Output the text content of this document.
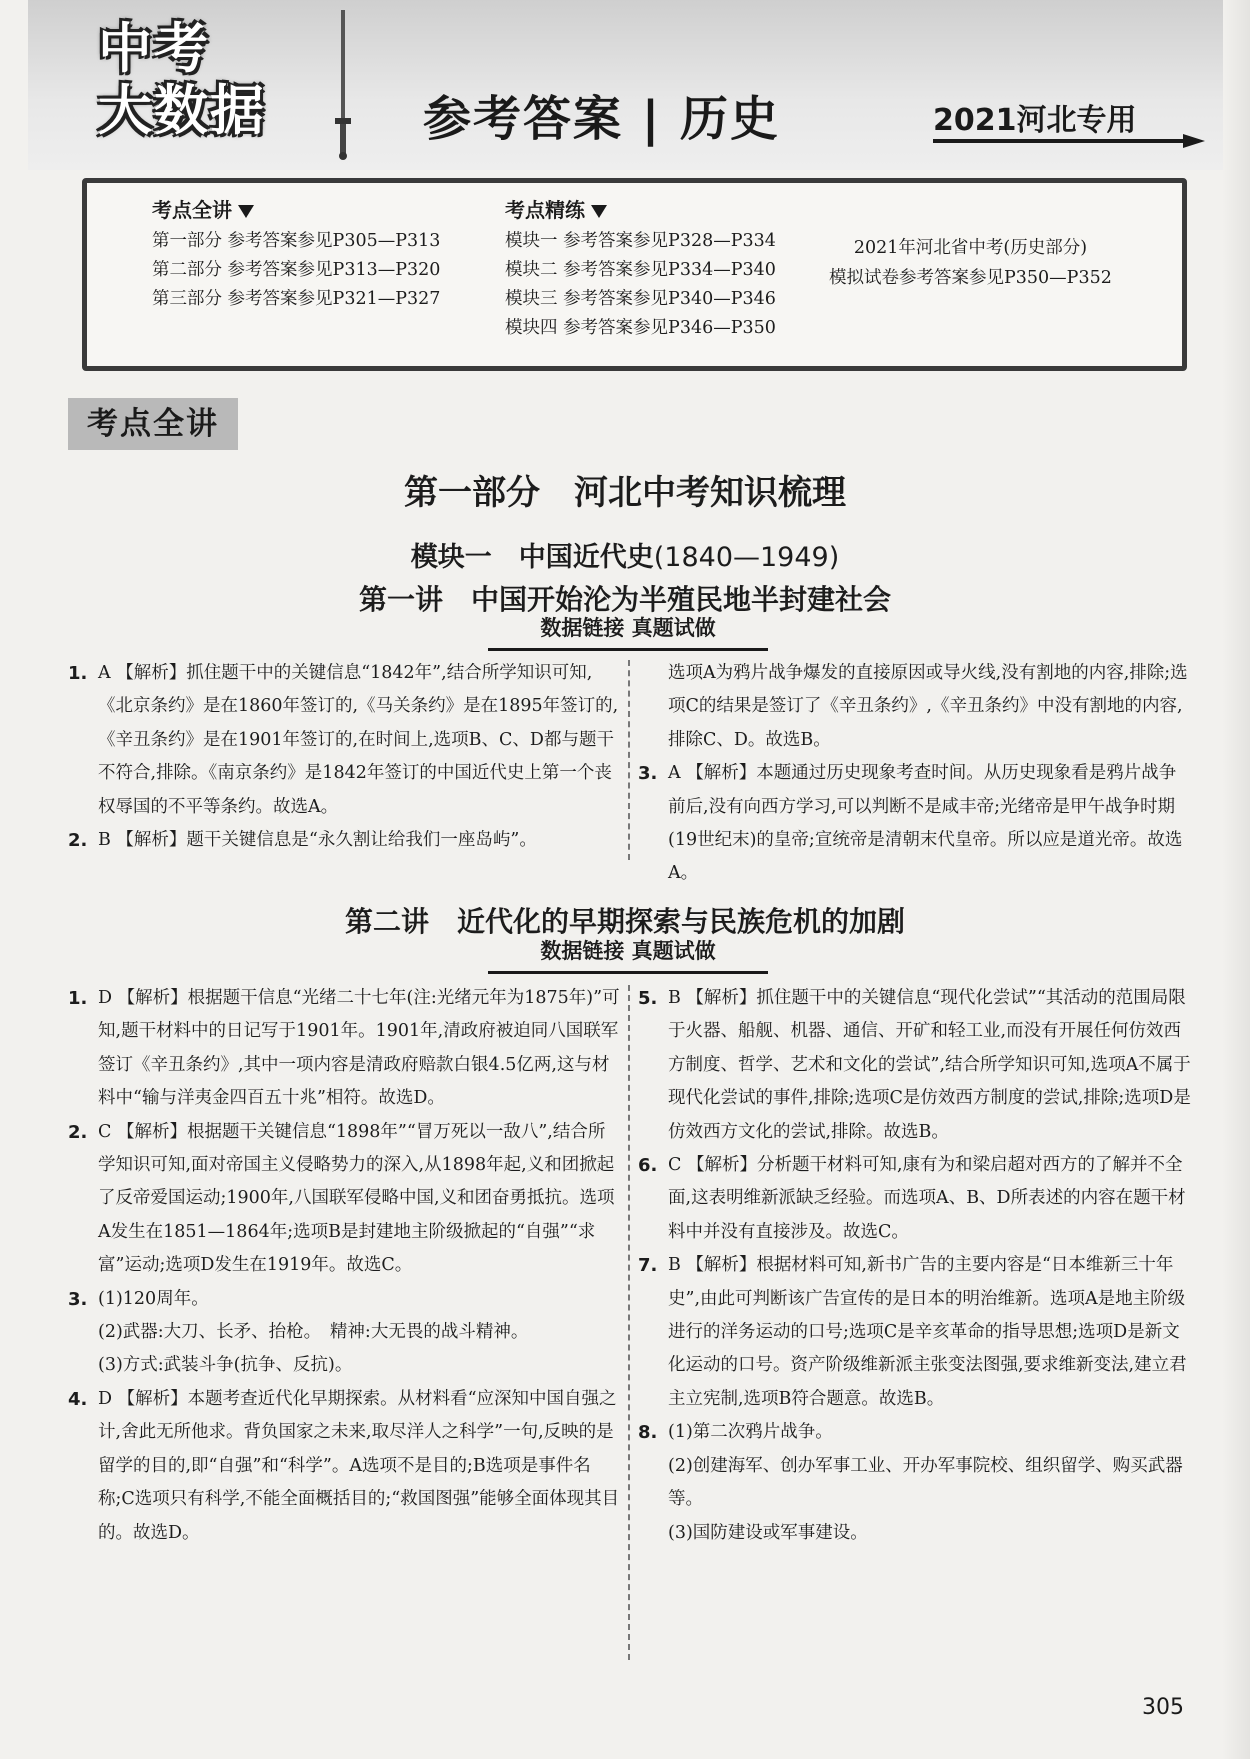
中考
大数据	参考答案 | 历史	2021河北专用
考点全讲
第一部分 参考答案参见P305—P313
第二部分 参考答案参见P313—P320
第三部分 参考答案参见P321—P327
考点精练
模块一 参考答案参见P328—P334
模块二 参考答案参见P334—P340
模块三 参考答案参见P340—P346
模块四 参考答案参见P346—P350
2021年河北省中考(历史部分)
模拟试卷参考答案参见P350—P352
考点全讲
第一部分　河北中考知识梳理
模块一　中国近代史(1840—1949)
第一讲　中国开始沦为半殖民地半封建社会
数据链接 真题试做
1. A 【解析】抓住题干中的关键信息“1842年”,结合所学知识可知,《北京条约》是在1860年签订的,《马关条约》是在1895年签订的,《辛丑条约》是在1901年签订的,在时间上,选项B、C、D都与题干不符合,排除。《南京条约》是1842年签订的中国近代史上第一个丧权辱国的不平等条约。故选A。
2. B 【解析】题干关键信息是“永久割让给我们一座岛屿”。
选项A为鸦片战争爆发的直接原因或导火线,没有割地的内容,排除;选项C的结果是签订了《辛丑条约》,《辛丑条约》中没有割地的内容,排除C、D。故选B。
3. A 【解析】本题通过历史现象考查时间。从历史现象看是鸦片战争前后,没有向西方学习,可以判断不是咸丰帝;光绪帝是甲午战争时期(19世纪末)的皇帝;宣统帝是清朝末代皇帝。所以应是道光帝。故选A。
第二讲　近代化的早期探索与民族危机的加剧
数据链接 真题试做
1. D 【解析】根据题干信息“光绪二十七年(注:光绪元年为1875年)”可知,题干材料中的日记写于1901年。1901年,清政府被迫同八国联军签订《辛丑条约》,其中一项内容是清政府赔款白银4.5亿两,这与材料中“输与洋夷金四百五十兆”相符。故选D。
2. C 【解析】根据题干关键信息“1898年”“冒万死以一敌八”,结合所学知识可知,面对帝国主义侵略势力的深入,从1898年起,义和团掀起了反帝爱国运动;1900年,八国联军侵略中国,义和团奋勇抵抗。选项A发生在1851—1864年;选项B是封建地主阶级掀起的“自强”“求富”运动;选项D发生在1919年。故选C。
3. (1)120周年。
(2)武器:大刀、长矛、抬枪。　精神:大无畏的战斗精神。
(3)方式:武装斗争(抗争、反抗)。
4. D 【解析】本题考查近代化早期探索。从材料看“应深知中国自强之计,舍此无所他求。背负国家之未来,取尽洋人之科学”一句,反映的是留学的目的,即“自强”和“科学”。A选项不是目的;B选项是事件名称;C选项只有科学,不能全面概括目的;“救国图强”能够全面体现其目的。故选D。
5. B 【解析】抓住题干中的关键信息“现代化尝试”“其活动的范围局限于火器、船舰、机器、通信、开矿和轻工业,而没有开展任何仿效西方制度、哲学、艺术和文化的尝试”,结合所学知识可知,选项A不属于现代化尝试的事件,排除;选项C是仿效西方制度的尝试,排除;选项D是仿效西方文化的尝试,排除。故选B。
6. C 【解析】分析题干材料可知,康有为和梁启超对西方的了解并不全面,这表明维新派缺乏经验。而选项A、B、D所表述的内容在题干材料中并没有直接涉及。故选C。
7. B 【解析】根据材料可知,新书广告的主要内容是“日本维新三十年史”,由此可判断该广告宣传的是日本的明治维新。选项A是地主阶级进行的洋务运动的口号;选项C是辛亥革命的指导思想;选项D是新文化运动的口号。资产阶级维新派主张变法图强,要求维新变法,建立君主立宪制,选项B符合题意。故选B。
8. (1)第二次鸦片战争。
(2)创建海军、创办军事工业、开办军事院校、组织留学、购买武器等。
(3)国防建设或军事建设。
305
